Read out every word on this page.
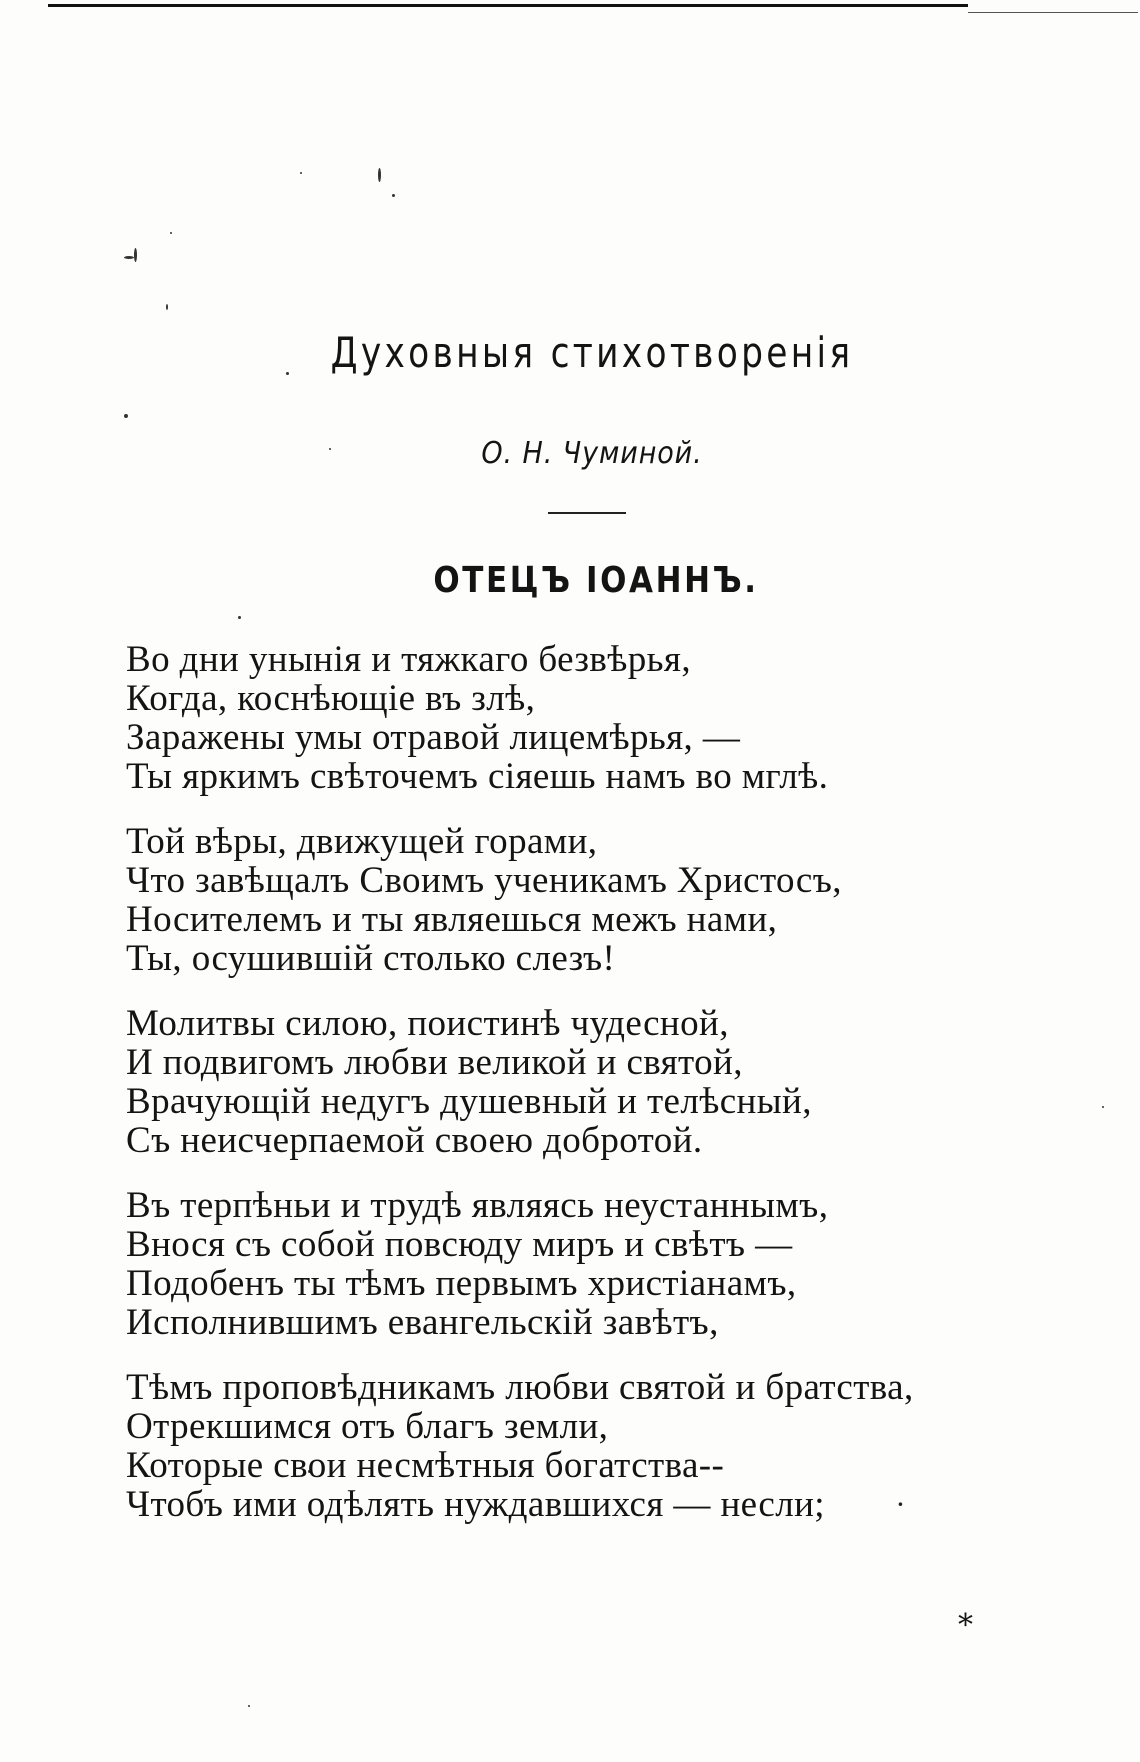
Духовныя стихотворенія
О. Н. Чуминой.
ОТЕЦЪ ІОАННЪ.
Во дни унынія и тяжкаго безвѣрья,
Когда, коснѣющіе въ злѣ,
Заражены умы отравой лицемѣрья, —
Ты яркимъ свѣточемъ сіяешь намъ во мглѣ.
Той вѣры, движущей горами,
Что завѣщалъ Своимъ ученикамъ Христосъ,
Носителемъ и ты являешься межъ нами,
Ты, осушившій столько слезъ!
Молитвы силою, поистинѣ чудесной,
И подвигомъ любви великой и святой,
Врачующій недугъ душевный и телѣсный,
Съ неисчерпаемой своею добротой.
Въ терпѣньи и трудѣ являясь неустаннымъ,
Внося съ собой повсюду миръ и свѣтъ —
Подобенъ ты тѣмъ первымъ христіанамъ,
Исполнившимъ евангельскій завѣтъ,
Тѣмъ проповѣдникамъ любви святой и братства,
Отрекшимся отъ благъ земли,
Которые свои несмѣтныя богатства--
Чтобъ ими одѣлять нуждавшихся — несли;	·
*
